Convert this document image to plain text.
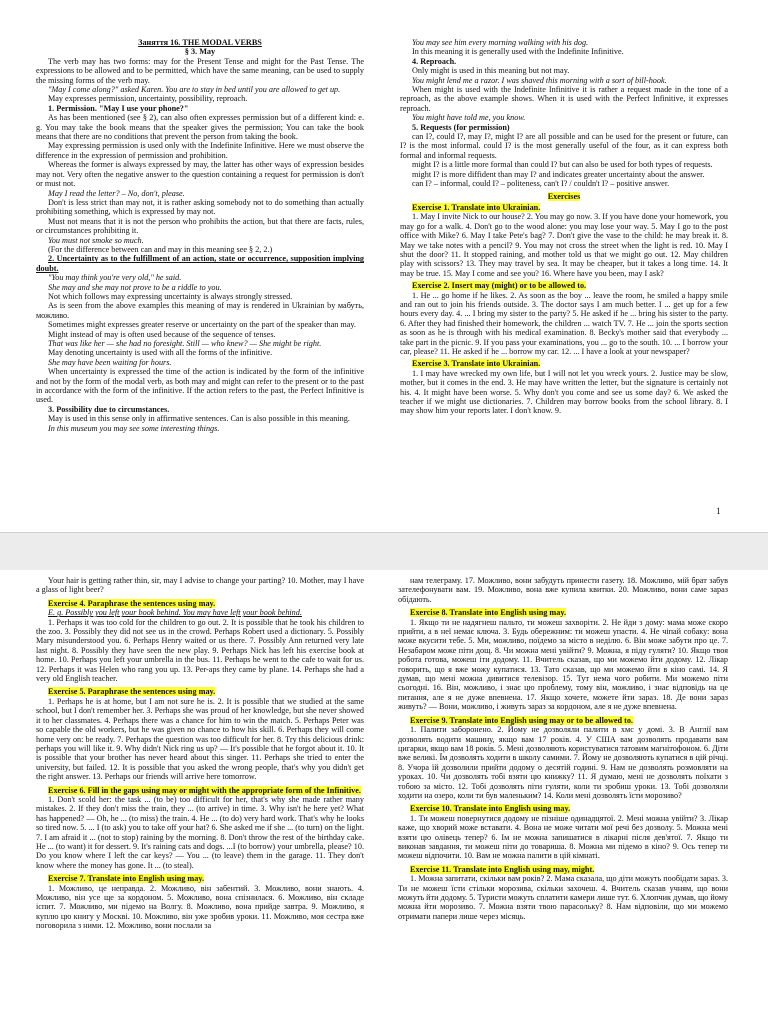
Заняття 16. THE MODAL VERBS

§ 3. May

The verb may has two forms: may for the Present Tense and might for the Past Tense. The expressions to be allowed and to be permitted, which have the same meaning, can be used to supply the missing forms of the verb may.

"May I come along?" asked Karen. You are to stay in bed until you are allowed to get up.

May expresses permission, uncertainty, possibility, reproach.

1. Permission. "May I use your phone?"

As has been mentioned (see § 2), can also often expresses permission but of a different kind: e. g. You may take the book means that the speaker gives the permission; You can take the book means that there are no conditions that prevent the person from taking the book.

May expressing permission is used only with the Indefinite Infinitive. Here we must observe the difference in the expression of permission and prohibition.

Whereas the former is always expressed by may, the latter has other ways of expression besides may not. Very often the negative answer to the question containing a request for permission is don't or must not.

May I read the letter? – No, don't, please.

Don't is less strict than may not, it is rather asking somebody not to do something than actually prohibiting something, which is expressed by may not.

Must not means that it is not the person who prohibits the action, but that there are facts, rules, or circumstances prohibiting it.

You must not smoke so much.

(For the difference between can and may in this meaning see § 2, 2.)

2. Uncertainty as to the fulfillment of an action, state or occurrence, supposition implying doubt.

"You may think you're very old," he said.

She may and she may not prove to be a riddle to you.

Not which follows may expressing uncertainty is always strongly stressed.

As is seen from the above examples this meaning of may is rendered in Ukrainian by мабуть, можливо.

Sometimes might expresses greater reserve or uncertainty on the part of the speaker than may.

Might instead of may is often used because of the sequence of tenses.

That was like her — she had no foresight. Still — who knew? — She might be right.

May denoting uncertainty is used with all the forms of the infinitive.

She may have been waiting for hours.

When uncertainty is expressed the time of the action is indicated by the form of the infinitive and not by the form of the modal verb, as both may and might can refer to the present or to the past in accordance with the form of the infinitive. If the action refers to the past, the Perfect Infinitive is used.

3. Possibility due to circumstances.

May is used in this sense only in affirmative sentences. Can is also possible in this meaning.

In this museum you may see some interesting things.

You may see him every morning walking with his dog.

In this meaning it is generally used with the Indefinite Infinitive.

4. Reproach.

Only might is used in this meaning but not may.

You might lend me a razor. I was shaved this morning with a sort of bill-hook.

When might is used with the Indefinite Infinitive it is rather a request made in the tone of a reproach, as the above example shows. When it is used with the Perfect Infinitive, it expresses reproach.

You might have told me, you know.

5. Requests (for permission)

can I?, could I?, may I?, might I? are all possible and can be used for the present or future, can I? is the most informal. could I? is the most generally useful of the four, as it can express both formal and informal requests.

might I? is a little more formal than could I? but can also be used for both types of requests.

might I? is more diffident than may I? and indicates greater uncertainty about the answer.

can I? – informal, could I? – politeness, can't I? / couldn't I? – positive answer.

Exercises

Exercise 1. Translate into Ukrainian.

1. May I invite Nick to our house? 2. You may go now. 3. If you have done your homework, you may go for a walk. 4. Don't go to the wood alone: you may lose your way. 5. May I go to the post office with Mike? 6. May I take Pete's bag? 7. Don't give the vase to the child: he may break it. 8. May we take notes with a pencil? 9. You may not cross the street when the light is red. 10. May I shut the door? 11. It stopped raining, and mother told us that we might go out. 12. May children play with scissors? 13. They may travel by sea. It may be cheaper, but it takes a long time. 14. It may be true. 15. May I come and see you? 16. Where have you been, may I ask?

Exercise 2. Insert may (might) or to be allowed to.

1. He ... go home if he likes. 2. As soon as the boy ... leave the room, he smiled a happy smile and ran out to join his friends outside. 3. The doctor says I am much better. I ... get up for a few hours every day. 4. ... I bring my sister to the party? 5. He asked if he ... bring his sister to the party. 6. After they had finished their homework, the children ... watch TV. 7. He ... join the sports section as soon as he is through with his medical examination. 8. Becky's mother said that everybody ... take part in the picnic. 9. If you pass your examinations, you ... go to the south. 10. ... I borrow your car, please? 11. He asked if he ... borrow my car. 12. ... I have a look at your newspaper?

Exercise 3. Translate into Ukrainian.

1. I may have wrecked my own life, but I will not let you wreck yours. 2. Justice may be slow, mother, but it comes in the end. 3. He may have written the letter, but the signature is certainly not his. 4. It might have been worse. 5. Why don't you come and see us some day? 6. We asked the teacher if we might use dictionaries. 7. Children may borrow books from the school library. 8. I may show him your reports later. I don't know. 9.

1

Your hair is getting rather thin, sir, may I advise to change your parting? 10. Mother, may I have a glass of light beer?

Exercise 4. Paraphrase the sentences using may.

E. g. Possibly you left your book behind. You may have left your book behind.

1. Perhaps it was too cold for the children to go out. 2. It is possible that he took his children to the zoo. 3. Possibly they did not see us in the crowd. Perhaps Robert used a dictionary. 5. Possibly Mary misunderstood you. 6. Perhaps Henry waited or us there. 7. Possibly Ann returned very late last night. 8. Possibly they have seen the new play. 9. Perhaps Nick has left his exercise book at home. 10. Perhaps you left your umbrella in the bus. 11. Perhaps he went to the cafe to wait for us. 12. Perhaps it was Helen who rang you up. 13. Per-aps they came by plane. 14. Perhaps she had a very old English teacher.

Exercise 5. Paraphrase the sentences using may.

1. Perhaps he is at home, but I am not sure he is. 2. It is possible that we studied at the same school, but I don't remember her. 3. Perhaps she was proud of her knowledge, but she never showed it to her classmates. 4. Perhaps there was a chance for him to win the match. 5. Perhaps Peter was so capable the old workers, but he was given no chance to how his skill. 6. Perhaps they will come home very on: be ready. 7. Perhaps the question was too difficult for her. 8. Try this delicious drink: perhaps you will like it. 9. Why didn't Nick ring us up? — It's possible that he forgot about it. 10. It is possible that your brother has never heard about this singer. 11. Perhaps she tried to enter the university, but failed. 12. It is possible that you asked the wrong people, that's why you didn't get the right answer. 13. Perhaps our friends will arrive here tomorrow.

Exercise 6. Fill in the gaps using may or might with the appropriate form of the Infinitive.

1. Don't scold her: the task ... (to be) too difficult for her, that's why she made rather many mistakes. 2. If they don't miss the train, they ... (to arrive) in time. 3. Why isn't he here yet? What has happened? — Oh, he ... (to miss) the train. 4. He ... (to do) very hard work. That's why he looks so tired now. 5. ... I (to ask) you to take off your hat? 6. She asked me if she ... (to turn) on the light. 7. I am afraid it ... (not to stop) raining by the morning. 8. Don't throw the rest of the birthday cake. He ... (to want) it for dessert. 9. It's raining cats and dogs. ...I (to borrow) your umbrella, please? 10. Do you know where I left the car keys? — You ... (to leave) them in the garage. 11. They don't know where the money has gone. It ... (to steal).

Exercise 7. Translate into English using may.

1. Можливо, це неправда. 2. Можливо, він забентий. 3. Можливо, вони знають. 4. Можливо, він усе ще за кордоном. 5. Можливо, вона спізнилася. 6. Можливо, він складе іспит. 7. Можливо, ми підемо на Волгу. 8. Можливо, вона прийде завтра. 9. Можливо, я куплю цю книгу у Москві. 10. Можливо, він уже зробив уроки. 11. Можливо, моя сестра вже поговорила з ними. 12. Можливо, вони послали за

нам телеграму. 17. Можливо, вони забудуть принести газету. 18. Можливо, мій брат забув зателефонувати вам. 19. Можливо, вона вже купила квитки. 20. Можливо, вони саме зараз обідають.

Exercise 8. Translate into English using may.

1. Якщо ти не надягнеш пальто, ти можеш захворіти. 2. Не йди з дому: мама може скоро прийти, а в неї немає ключа. 3. Будь обережним: ти можеш упасти. 4. Не чіпай собаку: вона може вкусити тебе. 5. Ми, можливо, поїдемо за місто в неділю. 6. Він може забути про це. 7. Незабаром може піти дощ. 8. Чи можна мені увійти? 9. Можна, я піду гуляти? 10. Якщо твоя робота готова, можеш іти додому. 11. Вчитель сказав, що ми можемо йти додому. 12. Лікар говорить, що я вже можу купатися. 13. Тато сказав, що ми можемо йти в кіно самі. 14. Я думав, що мені можна дивитися телевізор. 15. Тут нема чого робити. Ми можемо піти сьогодні. 16. Він, можливо, і знає цю проблему, тому він, можливо, і знає відповідь на це питання, але я не дуже впевнена. 17. Якщо хочете, можете йти зараз. 18. Де вони зараз живуть? — Вони, можливо, і живуть зараз за кордоном, але я не дуже впевнена.

Exercise 9. Translate into English using may or to be allowed to.

1. Палити заборонено. 2. Йому не дозволяли палити в хмс у домі. 3. В Англії вам дозволять водити машину, якщо вам 17 років. 4. У США вам дозволять продавати вам цигарки, якщо вам 18 років. 5. Мені дозволяють користуватися татовим магнітофоном. 6. Діти вже великі. Їм дозволять ходити в школу самими. 7. Йому не дозволяють купатися в цій річці. 8. Учора їй дозволили прийти додому о десятій годині. 9. Нам не дозволять розмовляти на уроках. 10. Чи дозволять тобі взяти цю книжку? 11. Я думаю, мені не дозволять поїхати з тобою за місто. 12. Тобі дозволять піти гуляти, коли ти зробиш уроки. 13. Тобі дозволяли ходити на озеро, коли ти був маленьким? 14. Коли мені дозволять їсти морозиво?

Exercise 10. Translate into English using may.

1. Ти можеш повернутися додому не пізніше одинадцятої. 2. Мені можна увійти? 3. Лікар каже, що хворий може вставати. 4. Вона не може читати мої речі без дозволу. 5. Можна мені взяти цю олівець тепер? 6. Ім не можна запишатися в лікарні після дев'ятої. 7. Якщо ти виконав завдання, ти можеш піти до товариша. 8. Можна ми підемо в кіно? 9. Ось тепер ти можеш відпочити. 10. Вам не можна палити в цій кімнаті.

Exercise 11. Translate into English using may, might.

1. Можна запитати, скільки вам років? 2. Мама сказала, що діти можуть пообідати зараз. 3. Ти не можеш їсти стільки морозива, скільки захочеш. 4. Вчитель сказав учням, що вони можуть йти додому. 5. Туристи можуть сплатити камери лише тут. 6. Хлопчик думав, що йому можна йти морозиво. 7. Можна взяти твою парасольку? 8. Нам відповіли, що ми можемо отримати папери лише через місяць.
